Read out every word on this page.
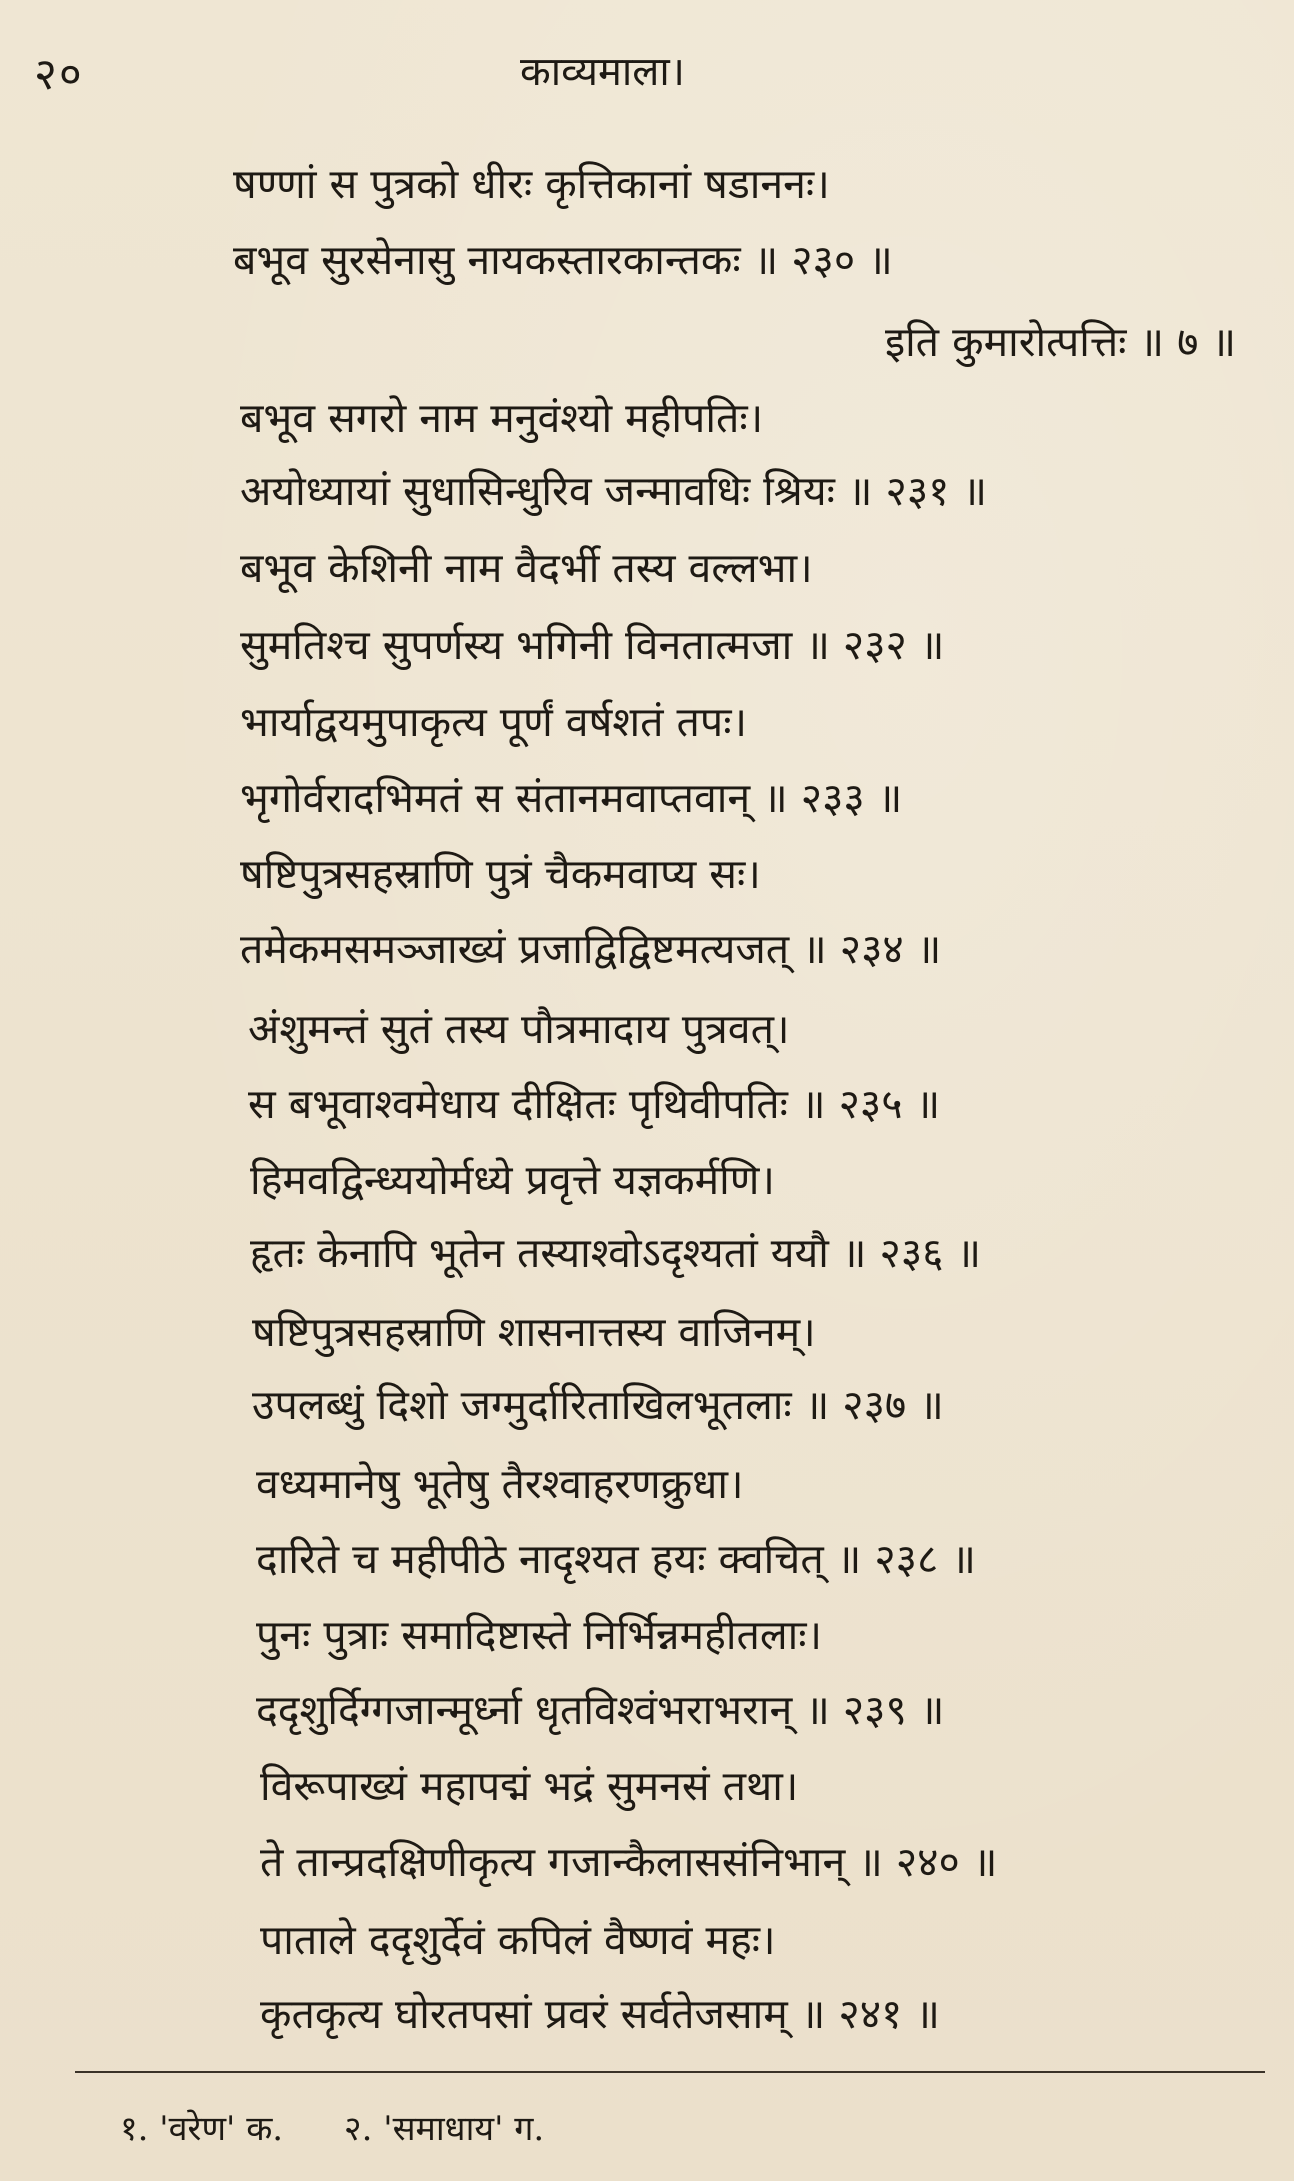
२०	काव्यमाला।
षण्णां स पुत्रको धीरः कृत्तिकानां षडाननः।
बभूव सुरसेनासु नायकस्तारकान्तकः ॥ २३० ॥
इति कुमारोत्पत्तिः ॥ ७ ॥
बभूव सगरो नाम मनुवंश्यो महीपतिः।
अयोध्यायां सुधासिन्धुरिव जन्मावधिः श्रियः ॥ २३१ ॥
बभूव केशिनी नाम वैदर्भी तस्य वल्लभा।
सुमतिश्च सुपर्णस्य भगिनी विनतात्मजा ॥ २३२ ॥
भार्याद्वयमुपाकृत्य पूर्णं वर्षशतं तपः।
भृगोर्वरादभिमतं स संतानमवाप्तवान् ॥ २३३ ॥
षष्टिपुत्रसहस्राणि पुत्रं चैकमवाप्य सः।
तमेकमसमञ्जाख्यं प्रजाद्विद्विष्टमत्यजत् ॥ २३४ ॥
अंशुमन्तं सुतं तस्य पौत्रमादाय पुत्रवत्।
स बभूवाश्वमेधाय दीक्षितः पृथिवीपतिः ॥ २३५ ॥
हिमवद्विन्ध्ययोर्मध्ये प्रवृत्ते यज्ञकर्मणि।
हृतः केनापि भूतेन तस्याश्वोऽदृश्यतां ययौ ॥ २३६ ॥
षष्टिपुत्रसहस्राणि शासनात्तस्य वाजिनम्।
उपलब्धुं दिशो जग्मुर्दारिताखिलभूतलाः ॥ २३७ ॥
वध्यमानेषु भूतेषु तैरश्वाहरणक्रुधा।
दारिते च महीपीठे नादृश्यत हयः क्वचित् ॥ २३८ ॥
पुनः पुत्राः समादिष्टास्ते निर्भिन्नमहीतलाः।
ददृशुर्दिग्गजान्मूर्ध्ना धृतविश्वंभराभरान् ॥ २३९ ॥
विरूपाख्यं महापद्मं भद्रं सुमनसं तथा।
ते तान्प्रदक्षिणीकृत्य गजान्कैलाससंनिभान् ॥ २४० ॥
पाताले ददृशुर्देवं कपिलं वैष्णवं महः।
कृतकृत्य घोरतपसां प्रवरं सर्वतेजसाम् ॥ २४१ ॥
१. 'वरेण' क. २. 'समाधाय' ग.
